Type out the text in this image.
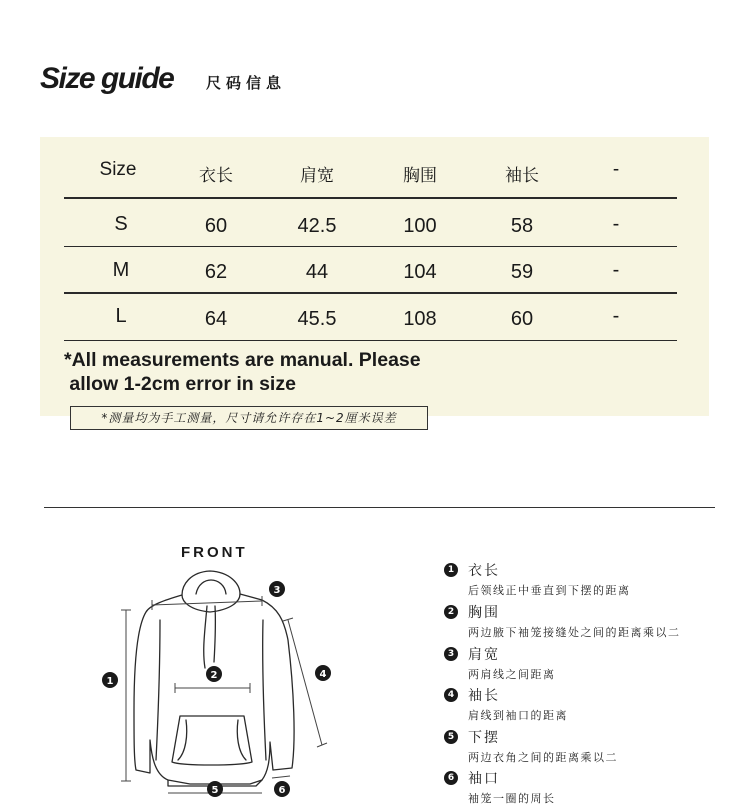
Size guide 尺码信息
Size	衣长	肩宽	胸围	袖长	-
S	60	42.5	100	58	-
M	62	44	104	59	-
L	64	45.5	108	60	-
*All measurements are manual. Please
allow 1-2cm error in size
*测量均为手工测量，尺寸请允许存在1~2厘米误差
FRONT
1
2
3
4
5	6
1 衣长
后领线正中垂直到下摆的距离
2 胸围
两边腋下袖笼接缝处之间的距离乘以二
3 肩宽
两肩线之间距离
4 袖长
肩线到袖口的距离
5 下摆
两边衣角之间的距离乘以二
6 袖口
袖笼一圈的周长
